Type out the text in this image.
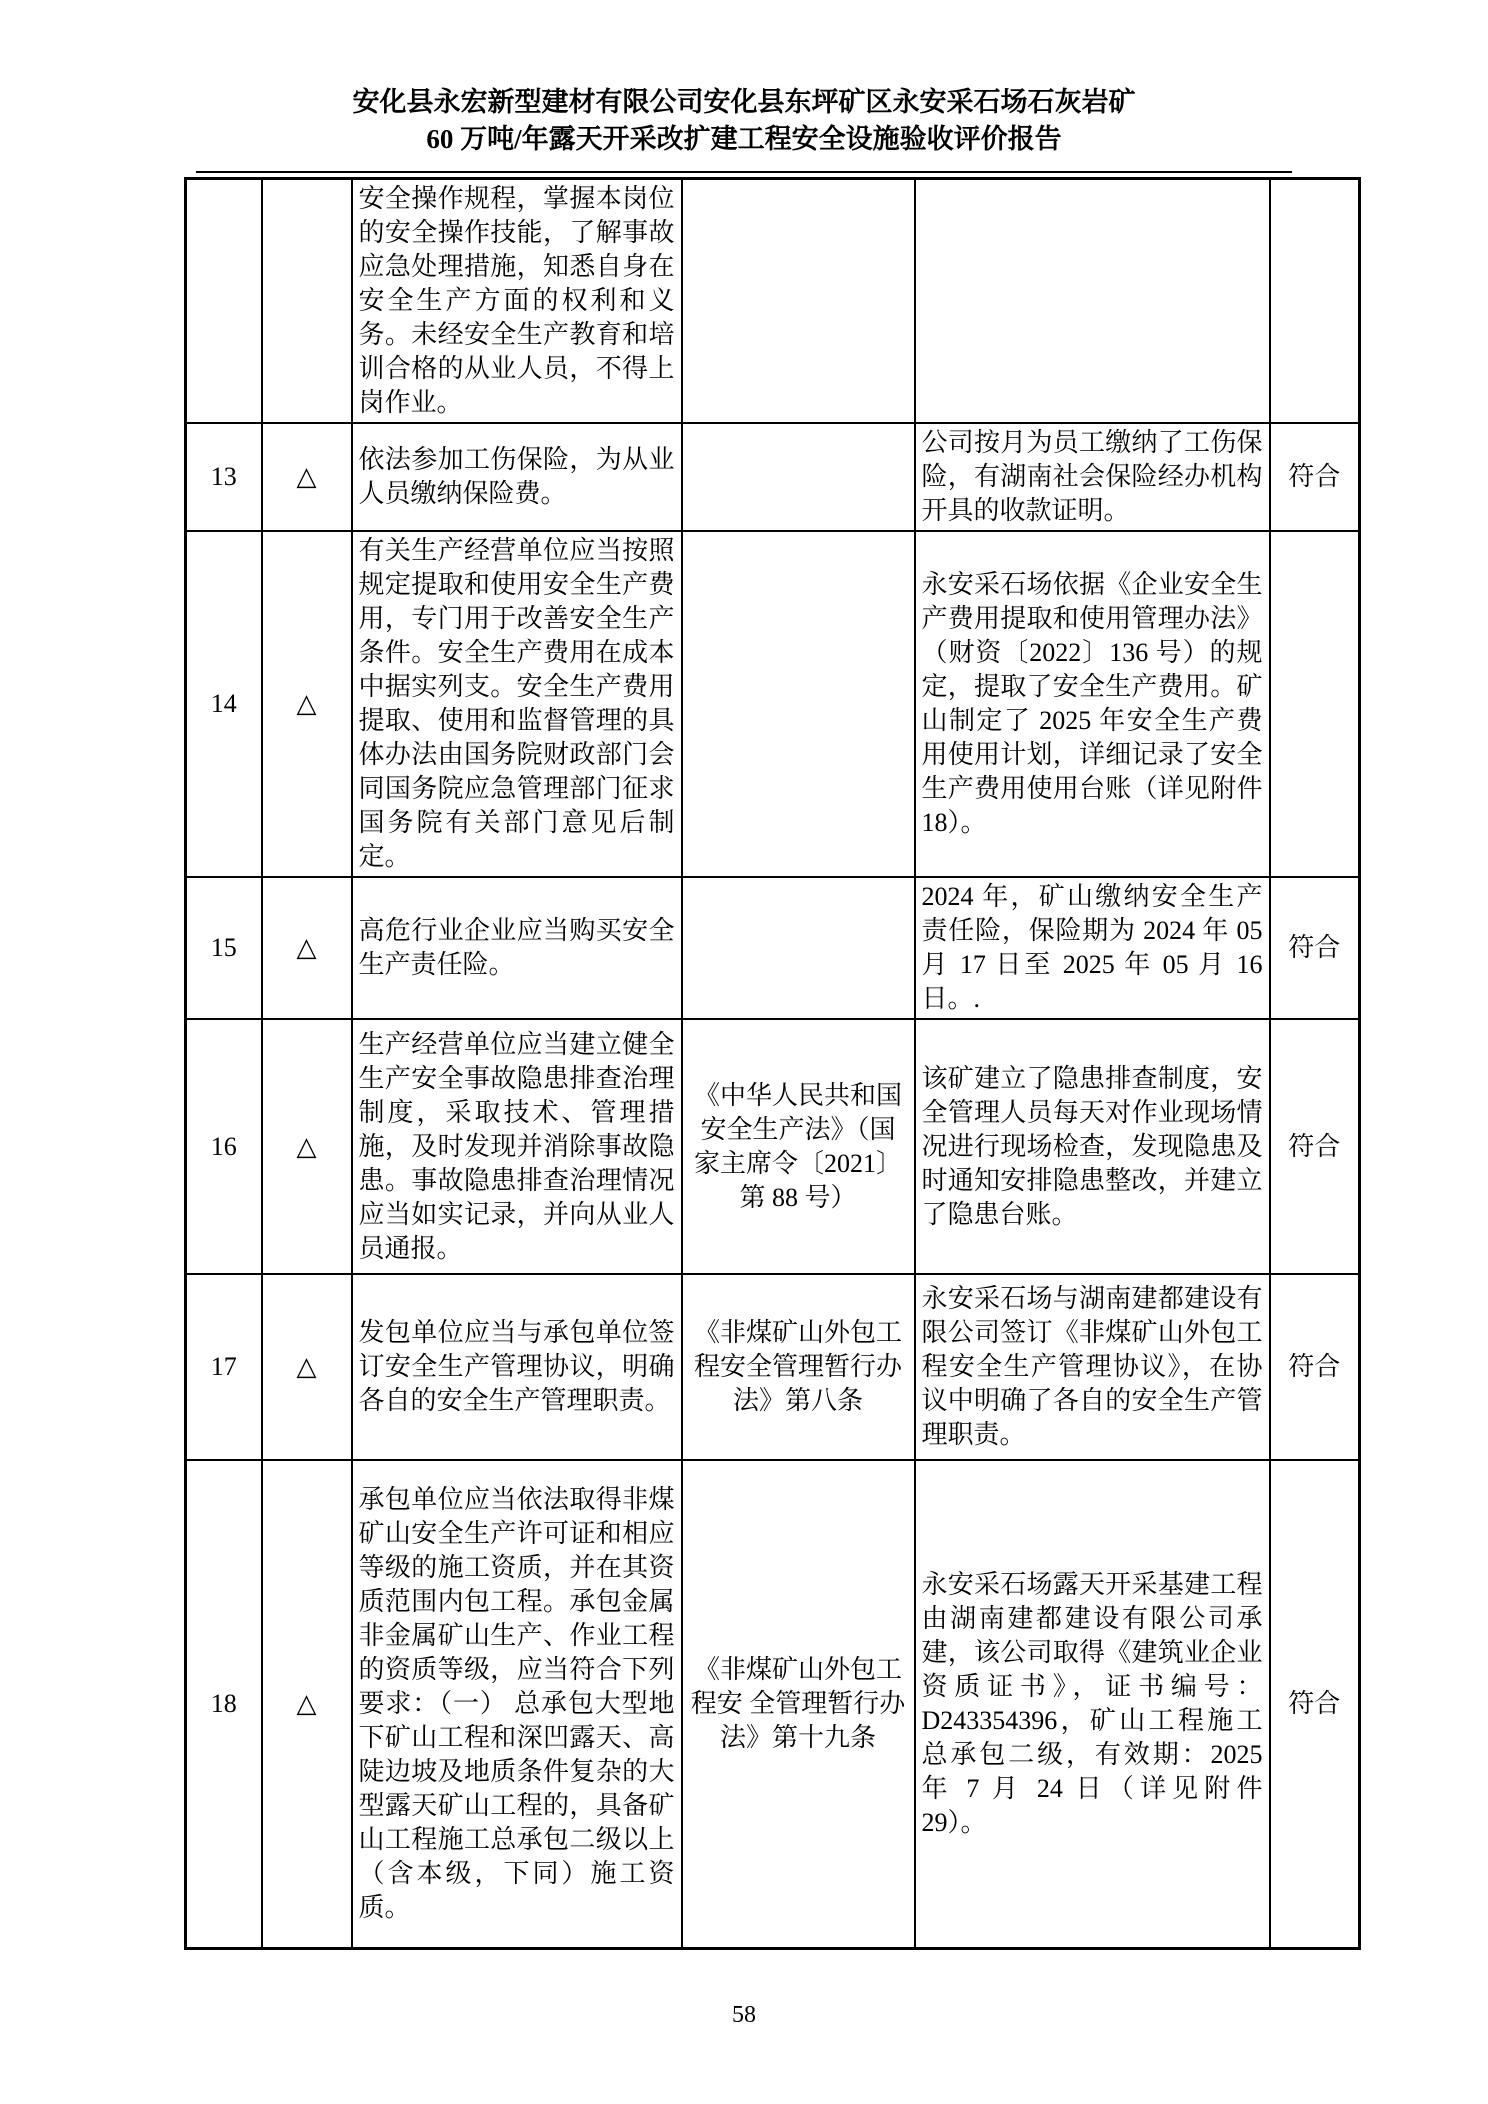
安化县永宏新型建材有限公司安化县东坪矿区永安采石场石灰岩矿
60 万吨/年露天开采改扩建工程安全设施验收评价报告
		安全操作规程，掌握本岗位的安全操作技能，了解事故应急处理措施，知悉自身在安全生产方面的权利和义务。未经安全生产教育和培训合格的从业人员，不得上岗作业。			
13	△	依法参加工伤保险，为从业人员缴纳保险费。		公司按月为员工缴纳了工伤保险，有湖南社会保险经办机构开具的收款证明。	符合
14	△	有关生产经营单位应当按照规定提取和使用安全生产费用，专门用于改善安全生产条件。安全生产费用在成本中据实列支。安全生产费用提取、使用和监督管理的具体办法由国务院财政部门会同国务院应急管理部门征求国务院有关部门意见后制定。		永安采石场依据《企业安全生产费用提取和使用管理办法》（财资〔2022〕136 号）的规定，提取了安全生产费用。矿山制定了 2025 年安全生产费用使用计划，详细记录了安全生产费用使用台账（详见附件 18）。	
15	△	高危行业企业应当购买安全生产责任险。		2024 年，矿山缴纳安全生产责任险，保险期为 2024 年 05 月 17 日至 2025 年 05 月 16 日。.	符合
16	△	生产经营单位应当建立健全生产安全事故隐患排查治理制度，采取技术、管理措施，及时发现并消除事故隐患。事故隐患排查治理情况应当如实记录，并向从业人员通报。	《中华人民共和国安全生产法》（国家主席令〔2021〕第 88 号）	该矿建立了隐患排查制度，安全管理人员每天对作业现场情况进行现场检查，发现隐患及时通知安排隐患整改，并建立了隐患台账。	符合
17	△	发包单位应当与承包单位签订安全生产管理协议，明确各自的安全生产管理职责。	《非煤矿山外包工程安全管理暂行办法》第八条	永安采石场与湖南建都建设有限公司签订《非煤矿山外包工程安全生产管理协议》，在协议中明确了各自的安全生产管理职责。	符合
18	△	承包单位应当依法取得非煤矿山安全生产许可证和相应等级的施工资质，并在其资质范围内包工程。承包金属非金属矿山生产、作业工程的资质等级，应当符合下列要求：（一） 总承包大型地下矿山工程和深凹露天、高陡边坡及地质条件复杂的大型露天矿山工程的，具备矿山工程施工总承包二级以上（含本级，下同）施工资质。	《非煤矿山外包工程安 全管理暂行办法》第十九条	永安采石场露天开采基建工程由湖南建都建设有限公司承建，该公司取得《建筑业企业资质证书》，证书编号：D243354396，矿山工程施工总承包二级，有效期：2025 年 7 月 24 日（详见附件 29）。	符合
58
